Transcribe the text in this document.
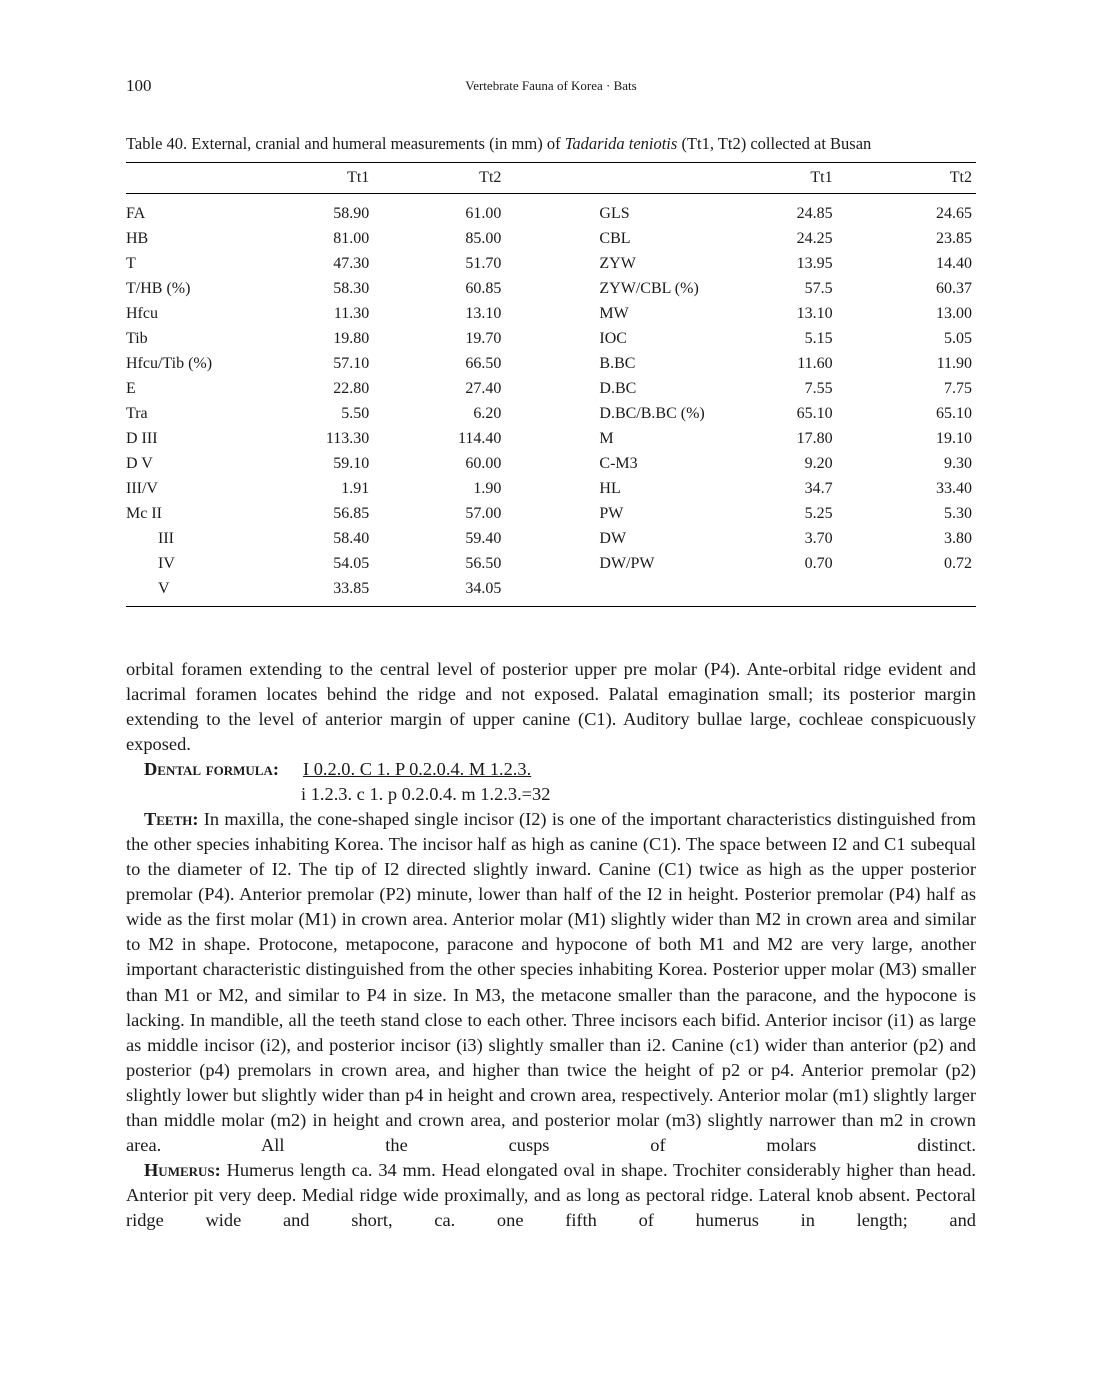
100	Vertebrate Fauna of Korea · Bats
Table 40. External, cranial and humeral measurements (in mm) of Tadarida teniotis (Tt1, Tt2) collected at Busan
	Tt1	Tt2		Tt1	Tt2
FA	58.90	61.00	GLS	24.85	24.65
HB	81.00	85.00	CBL	24.25	23.85
T	47.30	51.70	ZYW	13.95	14.40
T/HB (%)	58.30	60.85	ZYW/CBL (%)	57.5	60.37
Hfcu	11.30	13.10	MW	13.10	13.00
Tib	19.80	19.70	IOC	5.15	5.05
Hfcu/Tib (%)	57.10	66.50	B.BC	11.60	11.90
E	22.80	27.40	D.BC	7.55	7.75
Tra	5.50	6.20	D.BC/B.BC (%)	65.10	65.10
D III	113.30	114.40	M	17.80	19.10
D V	59.10	60.00	C-M3	9.20	9.30
III/V	1.91	1.90	HL	34.7	33.40
Mc II	56.85	57.00	PW	5.25	5.30
III	58.40	59.40	DW	3.70	3.80
IV	54.05	56.50	DW/PW	0.70	0.72
V	33.85	34.05			

orbital foramen extending to the central level of posterior upper pre molar (P4). Ante-orbital ridge evident and lacrimal foramen locates behind the ridge and not exposed. Palatal emagination small; its posterior margin extending to the level of anterior margin of upper canine (C1). Auditory bullae large, cochleae conspicuously exposed.

Dental formula: I 0.2.0. C 1. P 0.2.0.4. M 1.2.3.
i 1.2.3. c 1. p 0.2.0.4. m 1.2.3.=32

Teeth: In maxilla, the cone-shaped single incisor (I2) is one of the important characteristics distinguished from the other species inhabiting Korea. The incisor half as high as canine (C1). The space between I2 and C1 subequal to the diameter of I2. The tip of I2 directed slightly inward. Canine (C1) twice as high as the upper posterior premolar (P4). Anterior premolar (P2) minute, lower than half of the I2 in height. Posterior premolar (P4) half as wide as the first molar (M1) in crown area. Anterior molar (M1) slightly wider than M2 in crown area and similar to M2 in shape. Protocone, metapocone, paracone and hypocone of both M1 and M2 are very large, another important characteristic distinguished from the other species inhabiting Korea. Posterior upper molar (M3) smaller than M1 or M2, and similar to P4 in size. In M3, the metacone smaller than the paracone, and the hypocone is lacking. In mandible, all the teeth stand close to each other. Three incisors each bifid. Anterior incisor (i1) as large as middle incisor (i2), and posterior incisor (i3) slightly smaller than i2. Canine (c1) wider than anterior (p2) and posterior (p4) premolars in crown area, and higher than twice the height of p2 or p4. Anterior premolar (p2) slightly lower but slightly wider than p4 in height and crown area, respectively. Anterior molar (m1) slightly larger than middle molar (m2) in height and crown area, and posterior molar (m3) slightly narrower than m2 in crown area. All the cusps of molars distinct.

Humerus: Humerus length ca. 34 mm. Head elongated oval in shape. Trochiter considerably higher than head. Anterior pit very deep. Medial ridge wide proximally, and as long as pectoral ridge. Lateral knob absent. Pectoral ridge wide and short, ca. one fifth of humerus in length; and
